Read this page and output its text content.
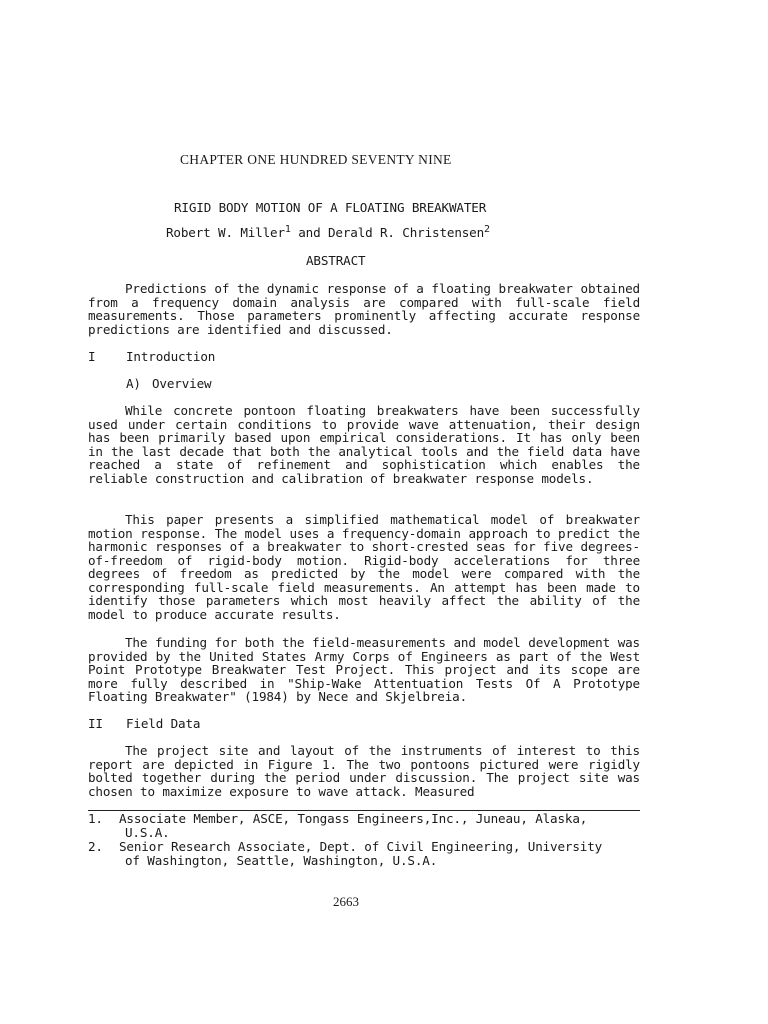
CHAPTER ONE HUNDRED SEVENTY NINE
RIGID BODY MOTION OF A FLOATING BREAKWATER
Robert W. Miller$^1$ and Derald R. Christensen$^2$
ABSTRACT

Predictions of the dynamic response of a floating breakwater obtained from a frequency domain analysis are compared with full-scale field measurements. Those parameters prominently affecting accurate response predictions are identified and discussed.

I Introduction
A) Overview

While concrete pontoon floating breakwaters have been successfully used under certain conditions to provide wave attenuation, their design has been primarily based upon empirical considerations. It has only been in the last decade that both the analytical tools and the field data have reached a state of refinement and sophistication which enables the reliable construction and calibration of breakwater response models.

This paper presents a simplified mathematical model of breakwater motion response. The model uses a frequency-domain approach to predict the harmonic responses of a breakwater to short-crested seas for five degrees-of-freedom of rigid-body motion. Rigid-body accelerations for three degrees of freedom as predicted by the model were compared with the corresponding full-scale field measurements. An attempt has been made to identify those parameters which most heavily affect the ability of the model to produce accurate results.

The funding for both the field-measurements and model development was provided by the United States Army Corps of Engineers as part of the West Point Prototype Breakwater Test Project. This project and its scope are more fully described in "Ship-Wake Attentuation Tests Of A Prototype Floating Breakwater" (1984) by Nece and Skjelbreia.

II Field Data

The project site and layout of the instruments of interest to this report are depicted in Figure 1. The two pontoons pictured were rigidly bolted together during the period under discussion. The project site was chosen to maximize exposure to wave attack. Measured

1. Associate Member, ASCE, Tongass Engineers,Inc., Juneau, Alaska,
U.S.A.
2. Senior Research Associate, Dept. of Civil Engineering, University
of Washington, Seattle, Washington, U.S.A.
2663
